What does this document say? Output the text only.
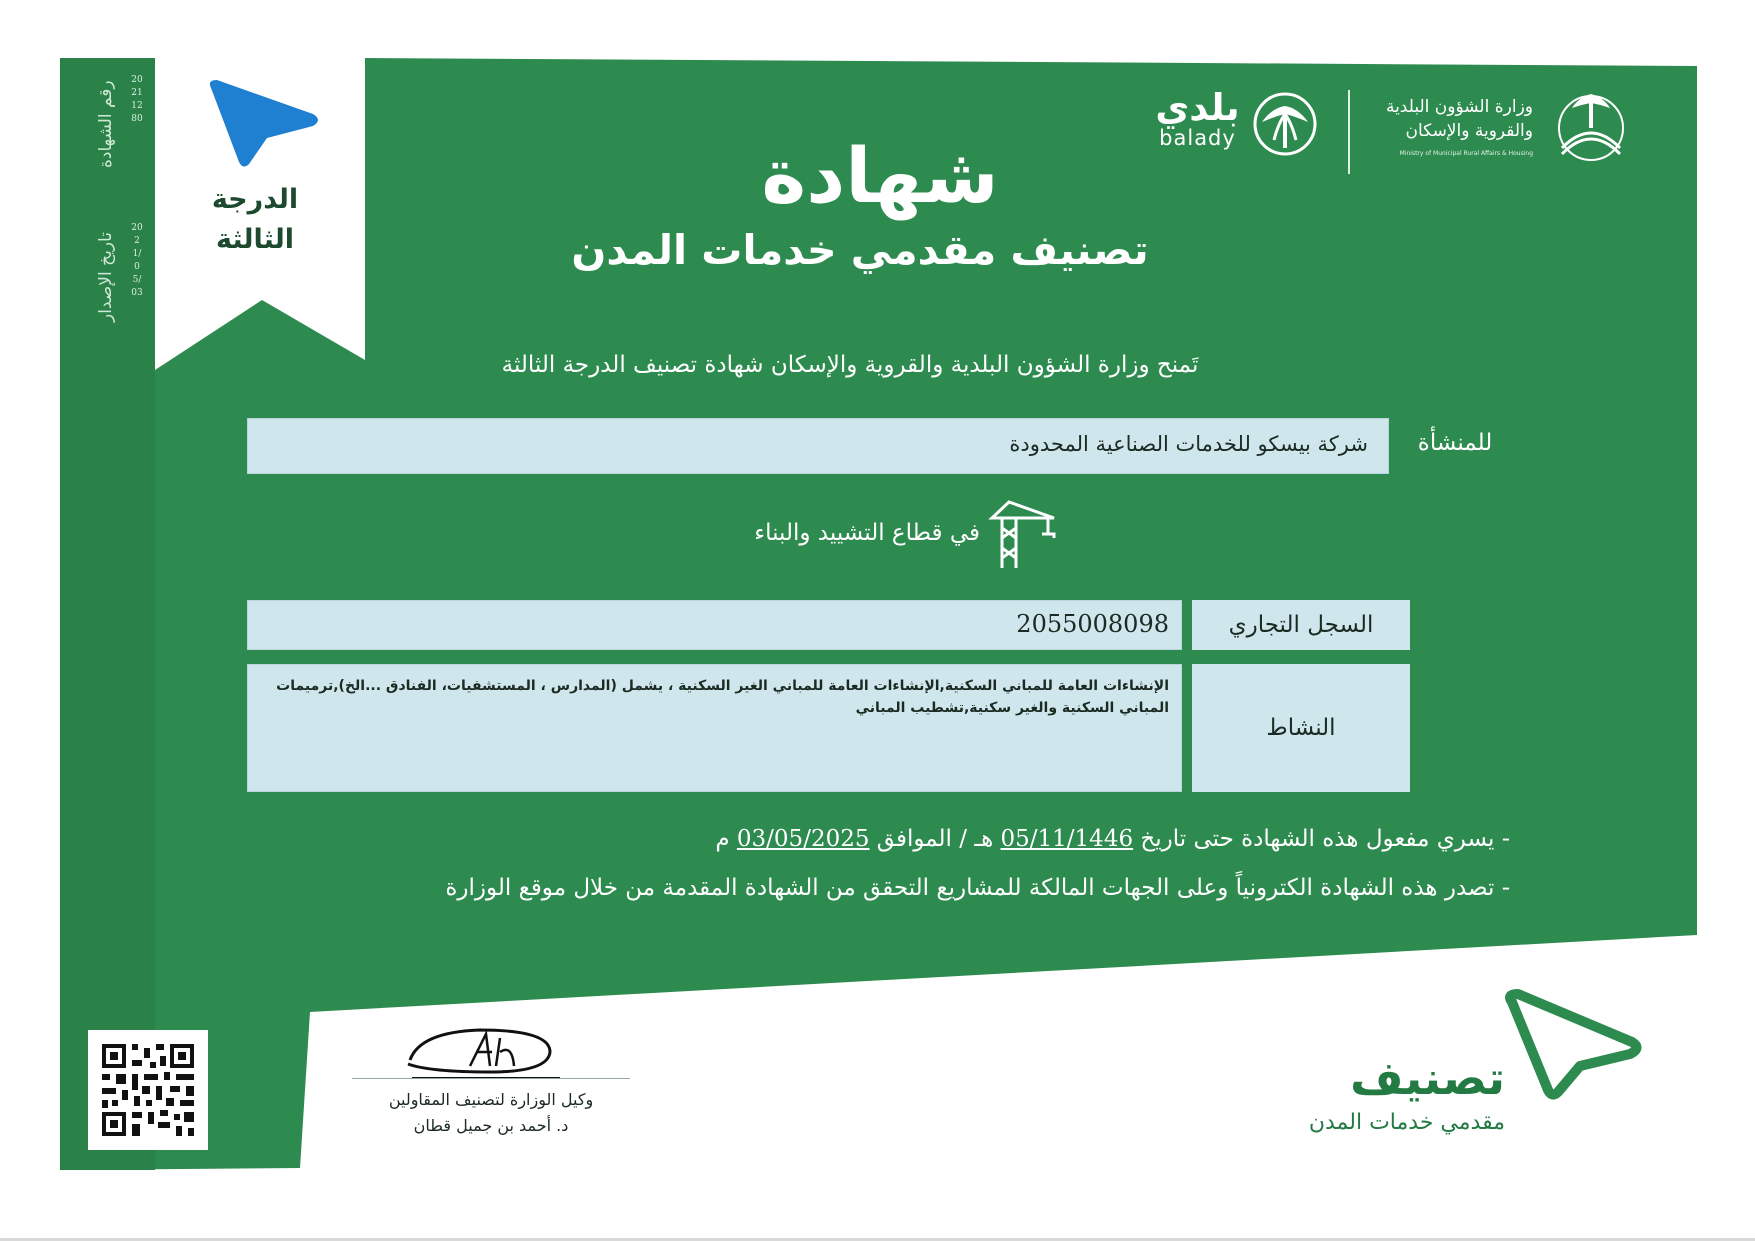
رقم الشهادة 202112 80
تاريخ الإصدار
2021/05/03
الدرجة
الثالثة
بلدي
balady
وزارة الشؤون البلدية
والقروية والإسكان
Ministry of Municipal Rural Affairs & Housing
شهادة
تصنيف مقدمي خدمات المدن
تَمنح وزارة الشؤون البلدية والقروية والإسكان شهادة تصنيف الدرجة الثالثة
شركة بيسكو للخدمات الصناعية المحدودة	للمنشأة
في قطاع التشييد والبناء
2055008098	السجل التجاري
الإنشاءات العامة للمباني السكنية,الإنشاءات العامة للمباني الغير السكنية ، يشمل (المدارس ، المستشفيات، الفنادق ...الخ),ترميمات المباني السكنية والغير سكنية,تشطيب المباني
النشاط
- يسري مفعول هذه الشهادة حتى تاريخ 05/11/1446 هـ / الموافق 03/05/2025 م
- تصدر هذه الشهادة الكترونياً وعلى الجهات المالكة للمشاريع التحقق من الشهادة المقدمة من خلال موقع الوزارة
وكيل الوزارة لتصنيف المقاولين
د. أحمد بن جميل قطان
تصنيف
مقدمي خدمات المدن
